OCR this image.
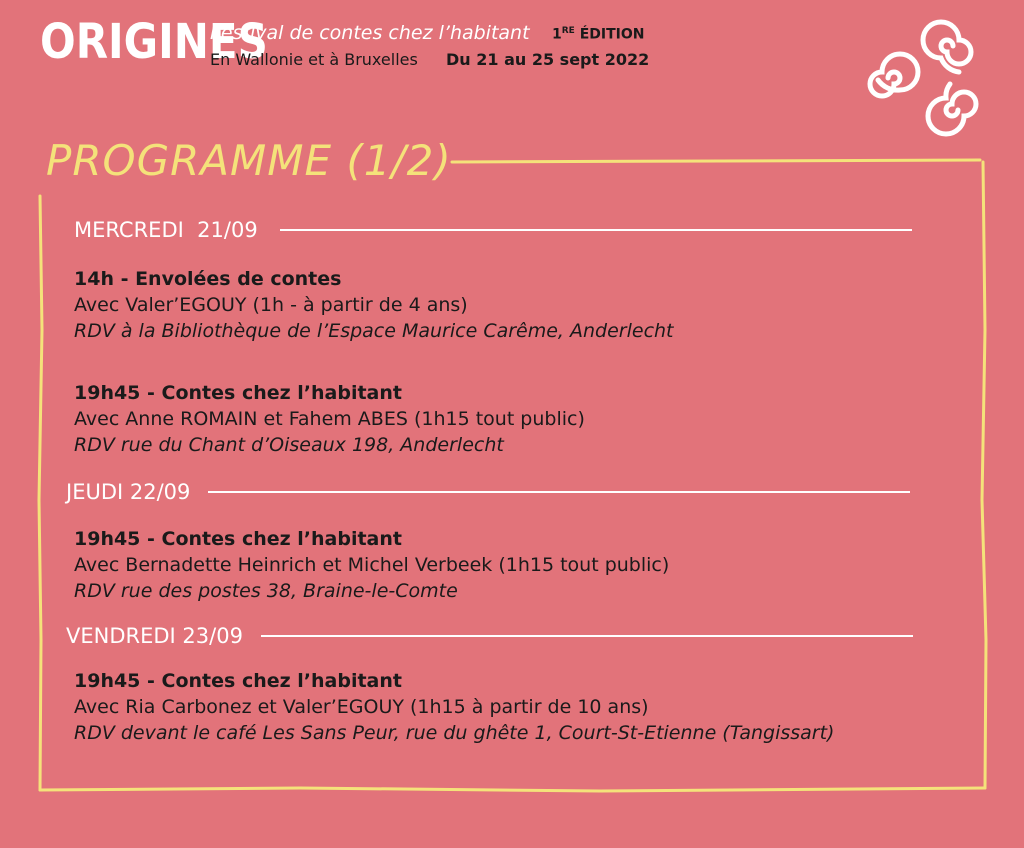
ORIGINES
Festival de contes chez l’habitant 1RE ÉDITION
En Wallonie et à Bruxelles Du 21 au 25 sept 2022
PROGRAMME (1/2)
MERCREDI  21/09
14h - Envolées de contes
Avec Valer’EGOUY (1h - à partir de 4 ans)
RDV à la Bibliothèque de l’Espace Maurice Carême, Anderlecht
19h45 - Contes chez l’habitant
Avec Anne ROMAIN et Fahem ABES (1h15 tout public)
RDV rue du Chant d’Oiseaux 198, Anderlecht
JEUDI 22/09
19h45 - Contes chez l’habitant
Avec Bernadette Heinrich et Michel Verbeek (1h15 tout public)
RDV rue des postes 38, Braine-le-Comte
VENDREDI 23/09
19h45 - Contes chez l’habitant
Avec Ria Carbonez et Valer’EGOUY (1h15 à partir de 10 ans)
RDV devant le café Les Sans Peur, rue du ghête 1, Court-St-Etienne (Tangissart)
